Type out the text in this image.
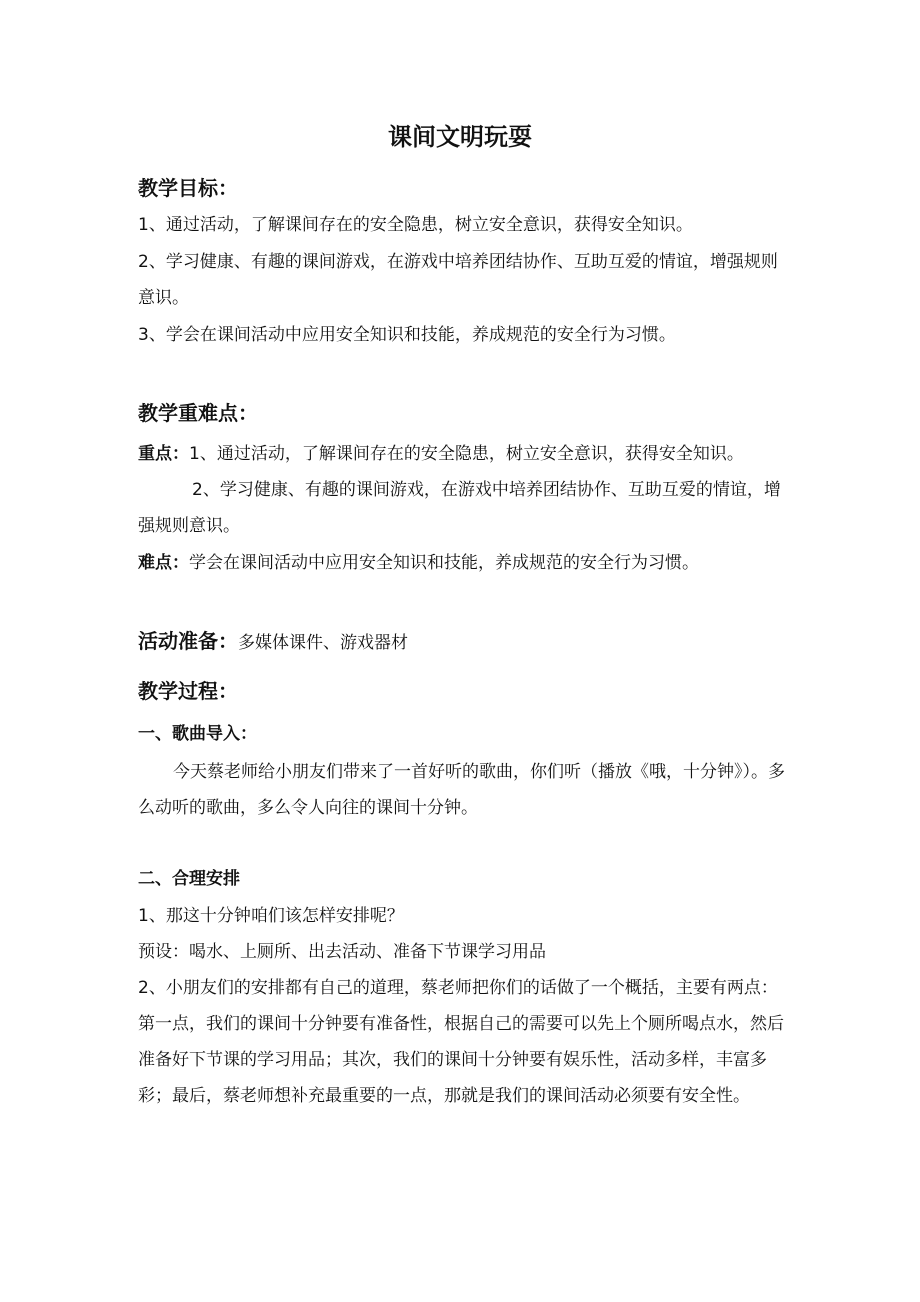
课间文明玩耍
教学目标：
1、通过活动，了解课间存在的安全隐患，树立安全意识，获得安全知识。
2、学习健康、有趣的课间游戏，在游戏中培养团结协作、互助互爱的情谊，增强规则意识。
3、学会在课间活动中应用安全知识和技能，养成规范的安全行为习惯。
教学重难点：
重点：1、通过活动，了解课间存在的安全隐患，树立安全意识，获得安全知识。
2、学习健康、有趣的课间游戏，在游戏中培养团结协作、互助互爱的情谊，增强规则意识。
难点：学会在课间活动中应用安全知识和技能，养成规范的安全行为习惯。
活动准备：多媒体课件、游戏器材
教学过程：
一、歌曲导入：
今天蔡老师给小朋友们带来了一首好听的歌曲，你们听（播放《哦，十分钟》）。多么动听的歌曲，多么令人向往的课间十分钟。
二、合理安排
1、那这十分钟咱们该怎样安排呢？
预设：喝水、上厕所、出去活动、准备下节课学习用品
2、小朋友们的安排都有自己的道理，蔡老师把你们的话做了一个概括，主要有两点：第一点，我们的课间十分钟要有准备性，根据自己的需要可以先上个厕所喝点水，然后准备好下节课的学习用品；其次，我们的课间十分钟要有娱乐性，活动多样，丰富多彩；最后，蔡老师想补充最重要的一点，那就是我们的课间活动必须要有安全性。
